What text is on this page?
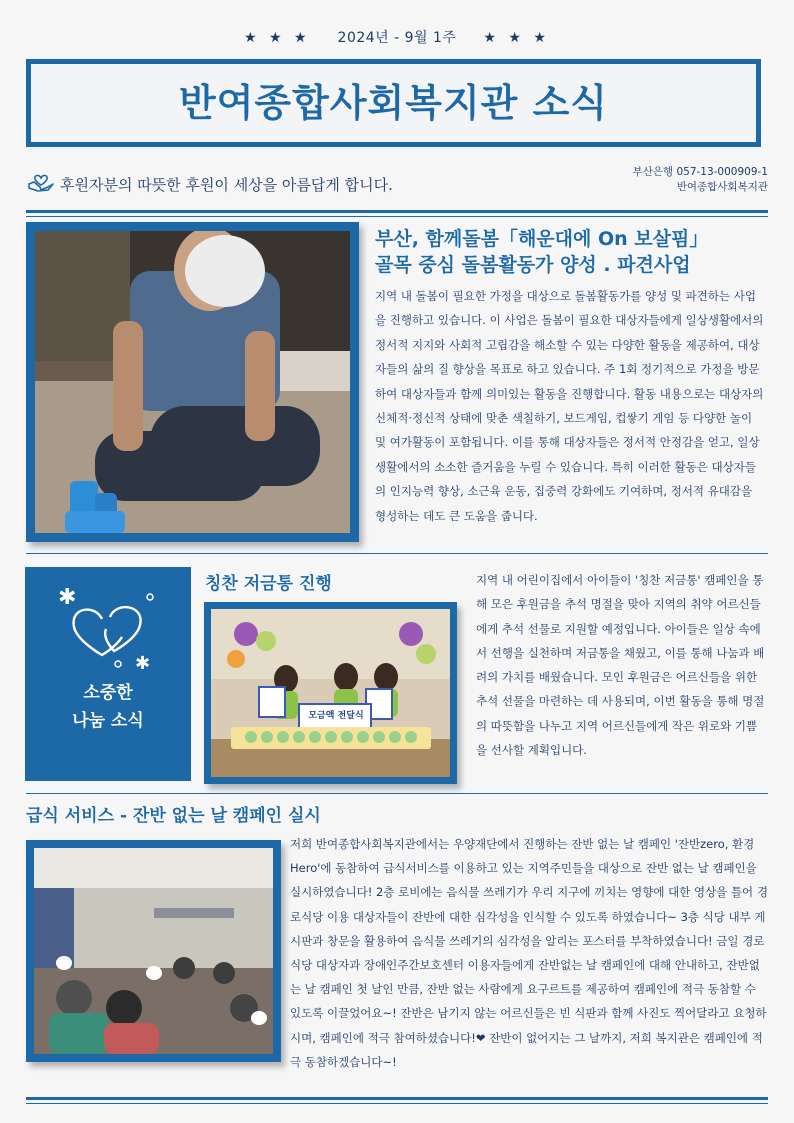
★ ★ ★ 2024년 - 9월 1주 ★ ★ ★
반여종합사회복지관 소식
후원자분의 따뜻한 후원이 세상을 아름답게 합니다.
부산은행 057-13-000909-1
반여종합사회복지관
부산, 함께돌봄「해운대에 On 보살핌」
골목 중심 돌봄활동가 양성 . 파견사업
지역 내 돌봄이 필요한 가정을 대상으로 돌봄활동가를 양성 및 파견하는 사업을 진행하고 있습니다. 이 사업은 돌봄이 필요한 대상자들에게 일상생활에서의 정서적 지지와 사회적 고립감을 해소할 수 있는 다양한 활동을 제공하여, 대상자들의 삶의 질 향상을 목표로 하고 있습니다. 주 1회 정기적으로 가정을 방문하여 대상자들과 함께 의미있는 활동을 진행합니다. 활동 내용으로는 대상자의 신체적·정신적 상태에 맞춘 색칠하기, 보드게임, 컵쌓기 게임 등 다양한 놀이 및 여가활동이 포함됩니다. 이를 통해 대상자들은 정서적 안정감을 얻고, 일상생활에서의 소소한 즐거움을 누릴 수 있습니다. 특히 이러한 활동은 대상자들의 인지능력 향상, 소근육 운동, 집중력 강화에도 기여하며, 정서적 유대감을 형성하는 데도 큰 도움을 줍니다.
✱
✱
소중한
나눔 소식
칭찬 저금통 진행
모금액 전달식
지역 내 어린이집에서 아이들이 '칭찬 저금통' 캠페인을 통해 모은 후원금을 추석 명절을 맞아 지역의 취약 어르신들에게 추석 선물로 지원할 예정입니다. 아이들은 일상 속에서 선행을 실천하며 저금통을 채웠고, 이를 통해 나눔과 배려의 가치를 배웠습니다. 모인 후원금은 어르신들을 위한 추석 선물을 마련하는 데 사용되며, 이번 활동을 통해 명절의 따뜻함을 나누고 지역 어르신들에게 작은 위로와 기쁨을 선사할 계획입니다.
급식 서비스 - 잔반 없는 날 캠페인 실시
저희 반여종합사회복지관에서는 우양재단에서 진행하는 잔반 없는 날 캠페인 '잔반zero, 환경Hero'에 동참하여 급식서비스를 이용하고 있는 지역주민들을 대상으로 잔반 없는 날 캠페인을 실시하였습니다! 2층 로비에는 음식물 쓰레기가 우리 지구에 끼치는 영향에 대한 영상을 틀어 경로식당 이용 대상자들이 잔반에 대한 심각성을 인식할 수 있도록 하였습니다~ 3층 식당 내부 게시판과 창문을 활용하여 음식물 쓰레기의 심각성을 알리는 포스터를 부착하였습니다! 금일 경로식당 대상자과 장애인주간보호센터 이용자들에게 잔반없는 날 캠페인에 대해 안내하고, 잔반없는 날 캠페인 첫 날인 만큼, 잔반 없는 사람에게 요구르트를 제공하여 캠페인에 적극 동참할 수 있도록 이끌었어요~! 잔반은 남기지 않는 어르신들은 빈 식판과 함께 사진도 찍어달라고 요청하시며, 캠페인에 적극 참여하셨습니다!❤ 잔반이 없어지는 그 날까지, 저희 복지관은 캠페인에 적극 동참하겠습니다~!
